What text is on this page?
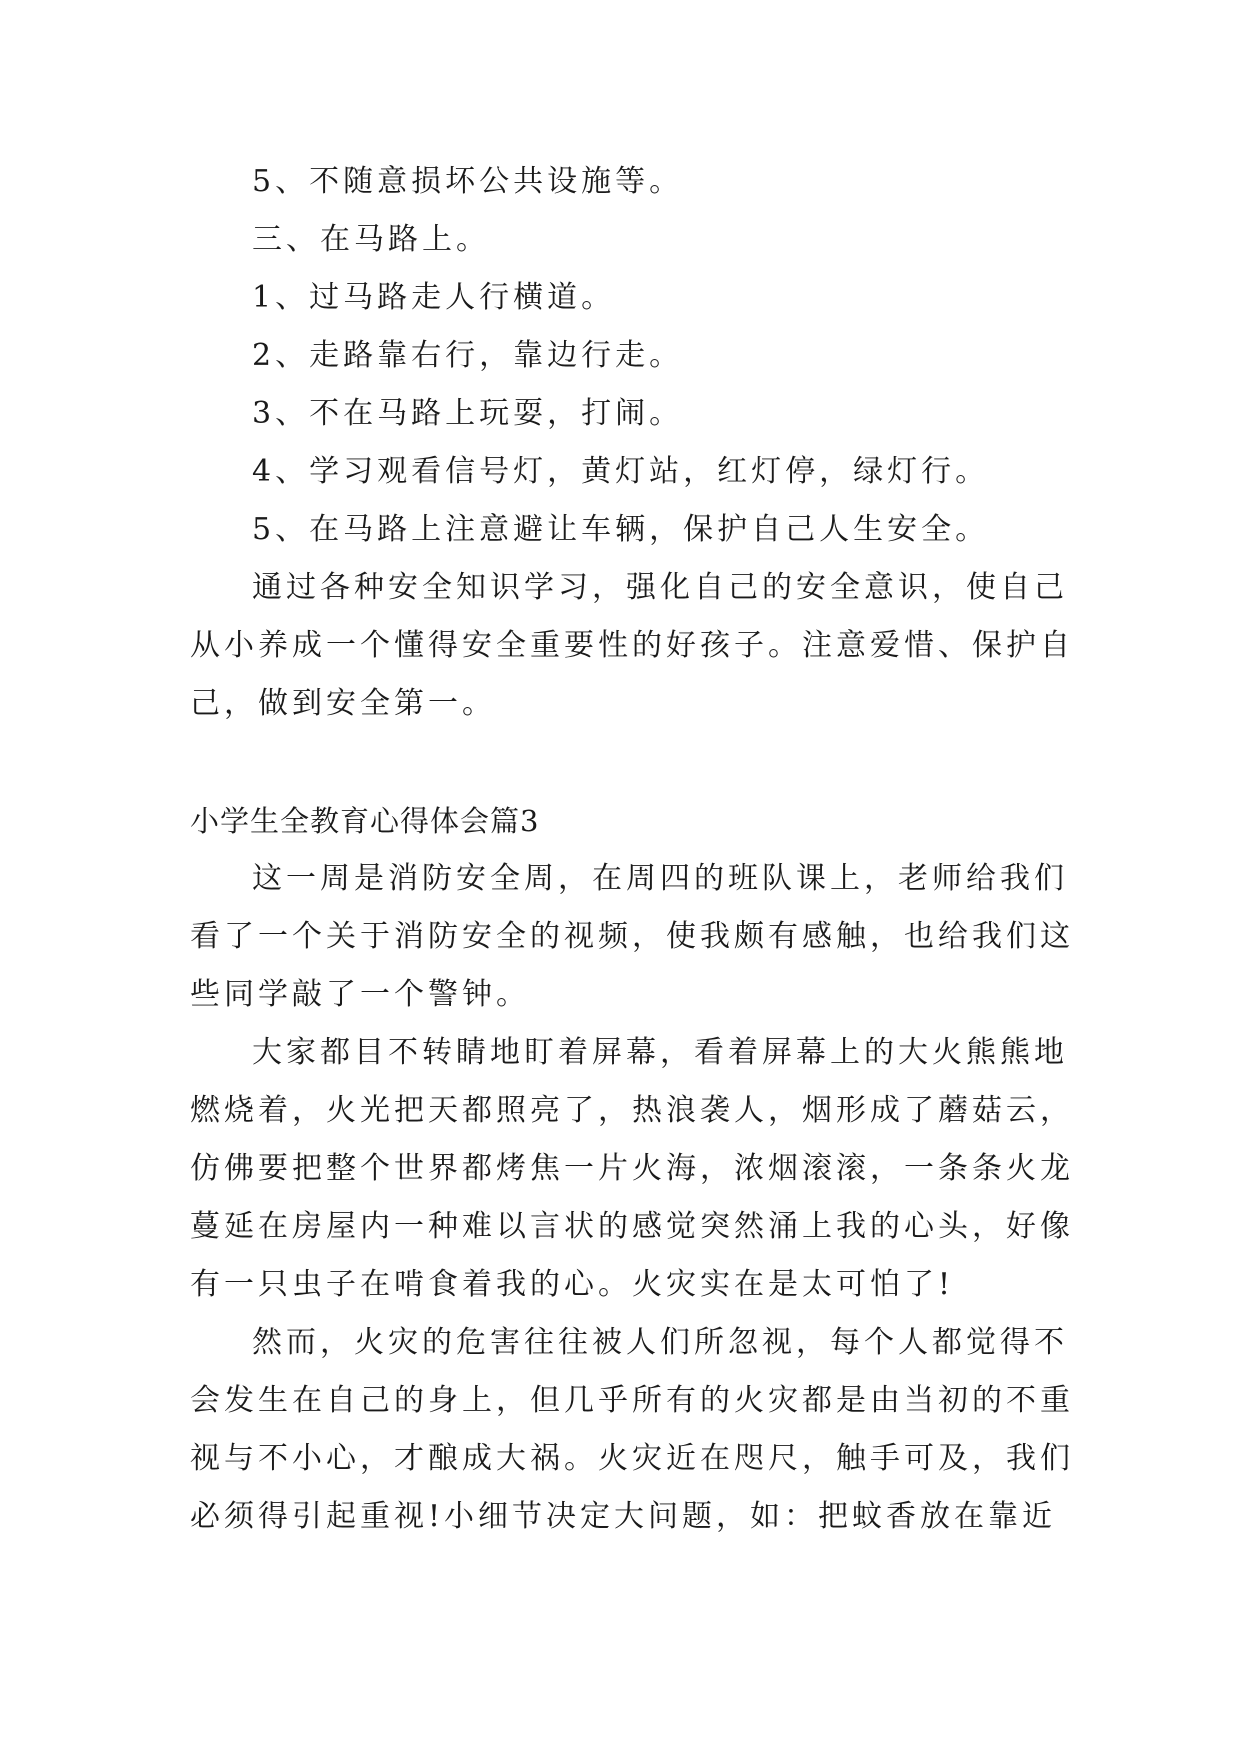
5、不随意损坏公共设施等。
三、在马路上。
1、过马路走人行横道。
2、走路靠右行，靠边行走。
3、不在马路上玩耍，打闹。
4、学习观看信号灯，黄灯站，红灯停，绿灯行。
5、在马路上注意避让车辆，保护自己人生安全。
通过各种安全知识学习，强化自己的安全意识，使自己
从小养成一个懂得安全重要性的好孩子。注意爱惜、保护自
己，做到安全第一。
小学生全教育心得体会篇3
这一周是消防安全周，在周四的班队课上，老师给我们
看了一个关于消防安全的视频，使我颇有感触，也给我们这
些同学敲了一个警钟。
大家都目不转睛地盯着屏幕，看着屏幕上的大火熊熊地
燃烧着，火光把天都照亮了，热浪袭人，烟形成了蘑菇云，
仿佛要把整个世界都烤焦一片火海，浓烟滚滚，一条条火龙
蔓延在房屋内一种难以言状的感觉突然涌上我的心头，好像
有一只虫子在啃食着我的心。火灾实在是太可怕了!
然而，火灾的危害往往被人们所忽视，每个人都觉得不
会发生在自己的身上，但几乎所有的火灾都是由当初的不重
视与不小心，才酿成大祸。火灾近在咫尺，触手可及，我们
必须得引起重视!小细节决定大问题，如：把蚊香放在靠近
